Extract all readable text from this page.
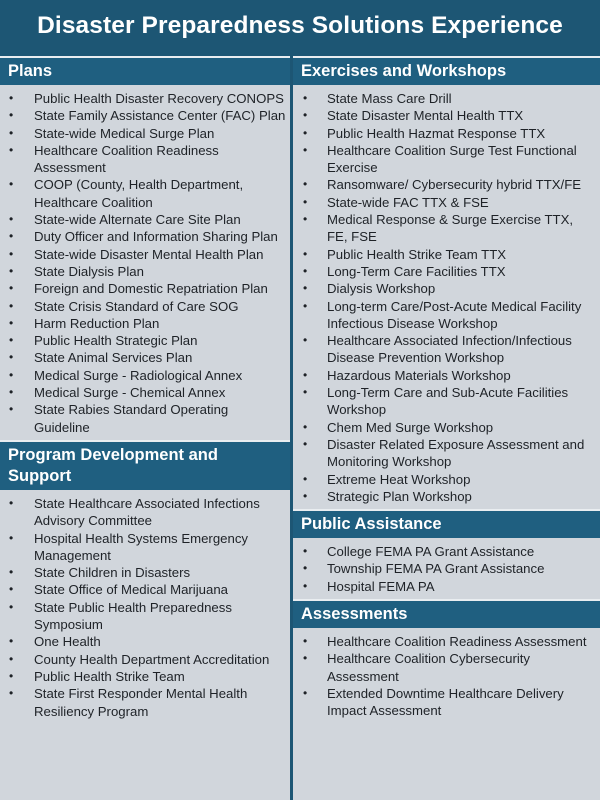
Disaster Preparedness Solutions Experience
Plans
• Public Health Disaster Recovery CONOPS
• State Family Assistance Center (FAC) Plan
• State-wide Medical Surge Plan
• Healthcare Coalition Readiness Assessment
• COOP (County, Health Department, Healthcare Coalition
• State-wide Alternate Care Site Plan
• Duty Officer and Information Sharing Plan
• State-wide Disaster Mental Health Plan
• State Dialysis Plan
• Foreign and Domestic Repatriation Plan
• State Crisis Standard of Care SOG
• Harm Reduction Plan
• Public Health Strategic Plan
• State Animal Services Plan
• Medical Surge - Radiological Annex
• Medical Surge - Chemical Annex
• State Rabies Standard Operating Guideline
Program Development and Support
• State Healthcare Associated Infections Advisory Committee
• Hospital Health Systems Emergency Management
• State Children in Disasters
• State Office of Medical Marijuana
• State Public Health Preparedness Symposium
• One Health
• County Health Department Accreditation
• Public Health Strike Team
• State First Responder Mental Health Resiliency Program
Exercises and Workshops
• State Mass Care Drill
• State Disaster Mental Health TTX
• Public Health Hazmat Response TTX
• Healthcare Coalition Surge Test Functional Exercise
• Ransomware/ Cybersecurity hybrid TTX/FE
• State-wide FAC TTX & FSE
• Medical Response & Surge Exercise TTX, FE, FSE
• Public Health Strike Team TTX
• Long-Term Care Facilities TTX
• Dialysis Workshop
• Long-term Care/Post-Acute Medical Facility Infectious Disease Workshop
• Healthcare Associated Infection/Infectious Disease Prevention Workshop
• Hazardous Materials Workshop
• Long-Term Care and Sub-Acute Facilities Workshop
• Chem Med Surge Workshop
• Disaster Related Exposure Assessment and Monitoring Workshop
• Extreme Heat Workshop
• Strategic Plan Workshop
Public Assistance
• College FEMA PA Grant Assistance
• Township FEMA PA Grant Assistance
• Hospital FEMA PA
Assessments
• Healthcare Coalition Readiness Assessment
• Healthcare Coalition Cybersecurity Assessment
• Extended Downtime Healthcare Delivery Impact Assessment
